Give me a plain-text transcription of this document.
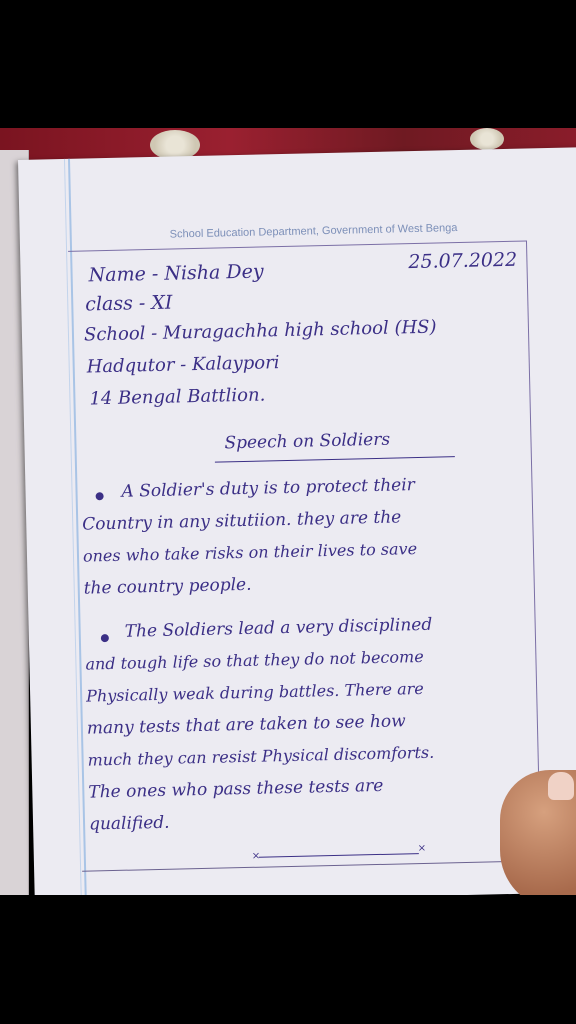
School Education Department, Government of West Benga
25.07.2022
Name - Nisha Dey
class - XI
School - Muragachha high school (HS)
Hadqutor - Kalaypori
14 Bengal Battlion.
Speech on Soldiers
A Soldier's duty is to protect their
Country in any situtiion. they are the
ones who take risks on their lives to save
the country people.
The Soldiers lead a very disciplined
and tough life so that they do not become
Physically weak during battles. There are
many tests that are taken to see how
much they can resist Physical discomforts.
The ones who pass these tests are
qualified.
×
×
